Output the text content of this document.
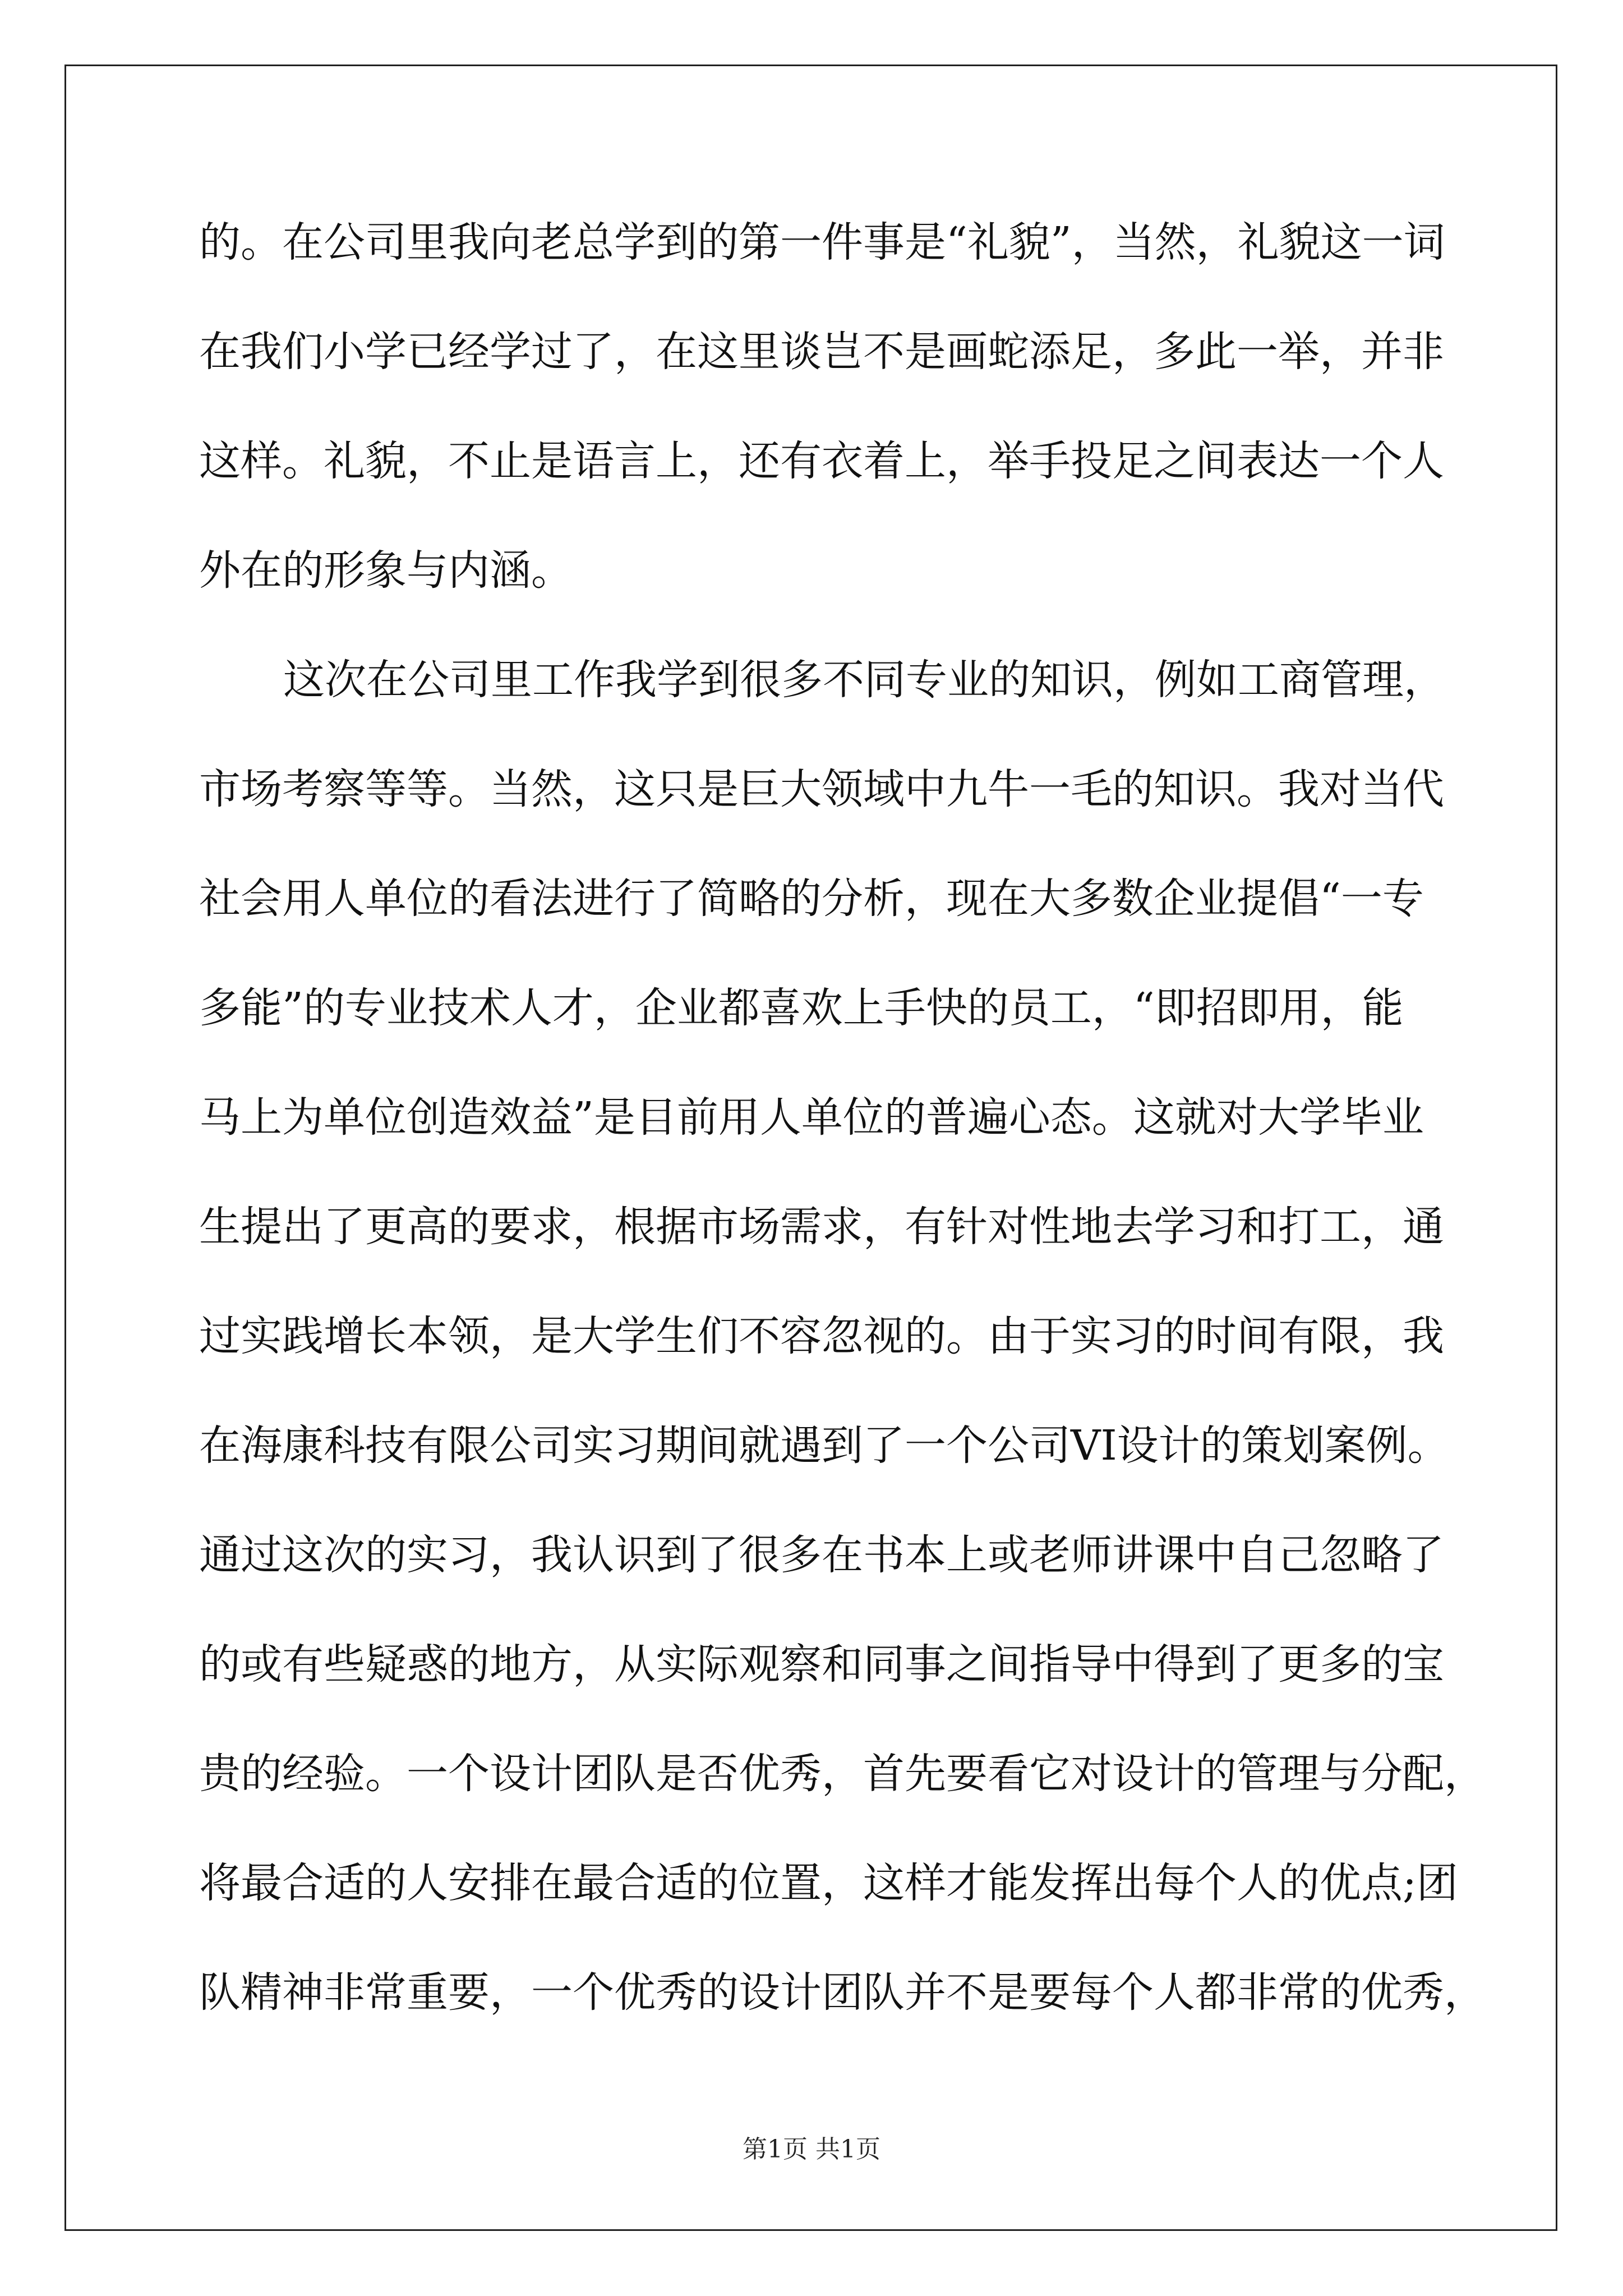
的。在公司里我向老总学到的第一件事是“礼貌”，当然，礼貌这一词
在我们小学已经学过了，在这里谈岂不是画蛇添足，多此一举，并非
这样。礼貌，不止是语言上，还有衣着上，举手投足之间表达一个人
外在的形象与内涵。
这次在公司里工作我学到很多不同专业的知识，例如工商管理，
市场考察等等。当然，这只是巨大领域中九牛一毛的知识。我对当代
社会用人单位的看法进行了简略的分析，现在大多数企业提倡“一专
多能”的专业技术人才，企业都喜欢上手快的员工，“即招即用，能
马上为单位创造效益”是目前用人单位的普遍心态。这就对大学毕业
生提出了更高的要求，根据市场需求，有针对性地去学习和打工，通
过实践增长本领，是大学生们不容忽视的。由于实习的时间有限，我
在海康科技有限公司实习期间就遇到了一个公司VI设计的策划案例。
通过这次的实习，我认识到了很多在书本上或老师讲课中自己忽略了
的或有些疑惑的地方，从实际观察和同事之间指导中得到了更多的宝
贵的经验。一个设计团队是否优秀，首先要看它对设计的管理与分配，
将最合适的人安排在最合适的位置，这样才能发挥出每个人的优点;团
队精神非常重要，一个优秀的设计团队并不是要每个人都非常的优秀，
第1页 共1页
